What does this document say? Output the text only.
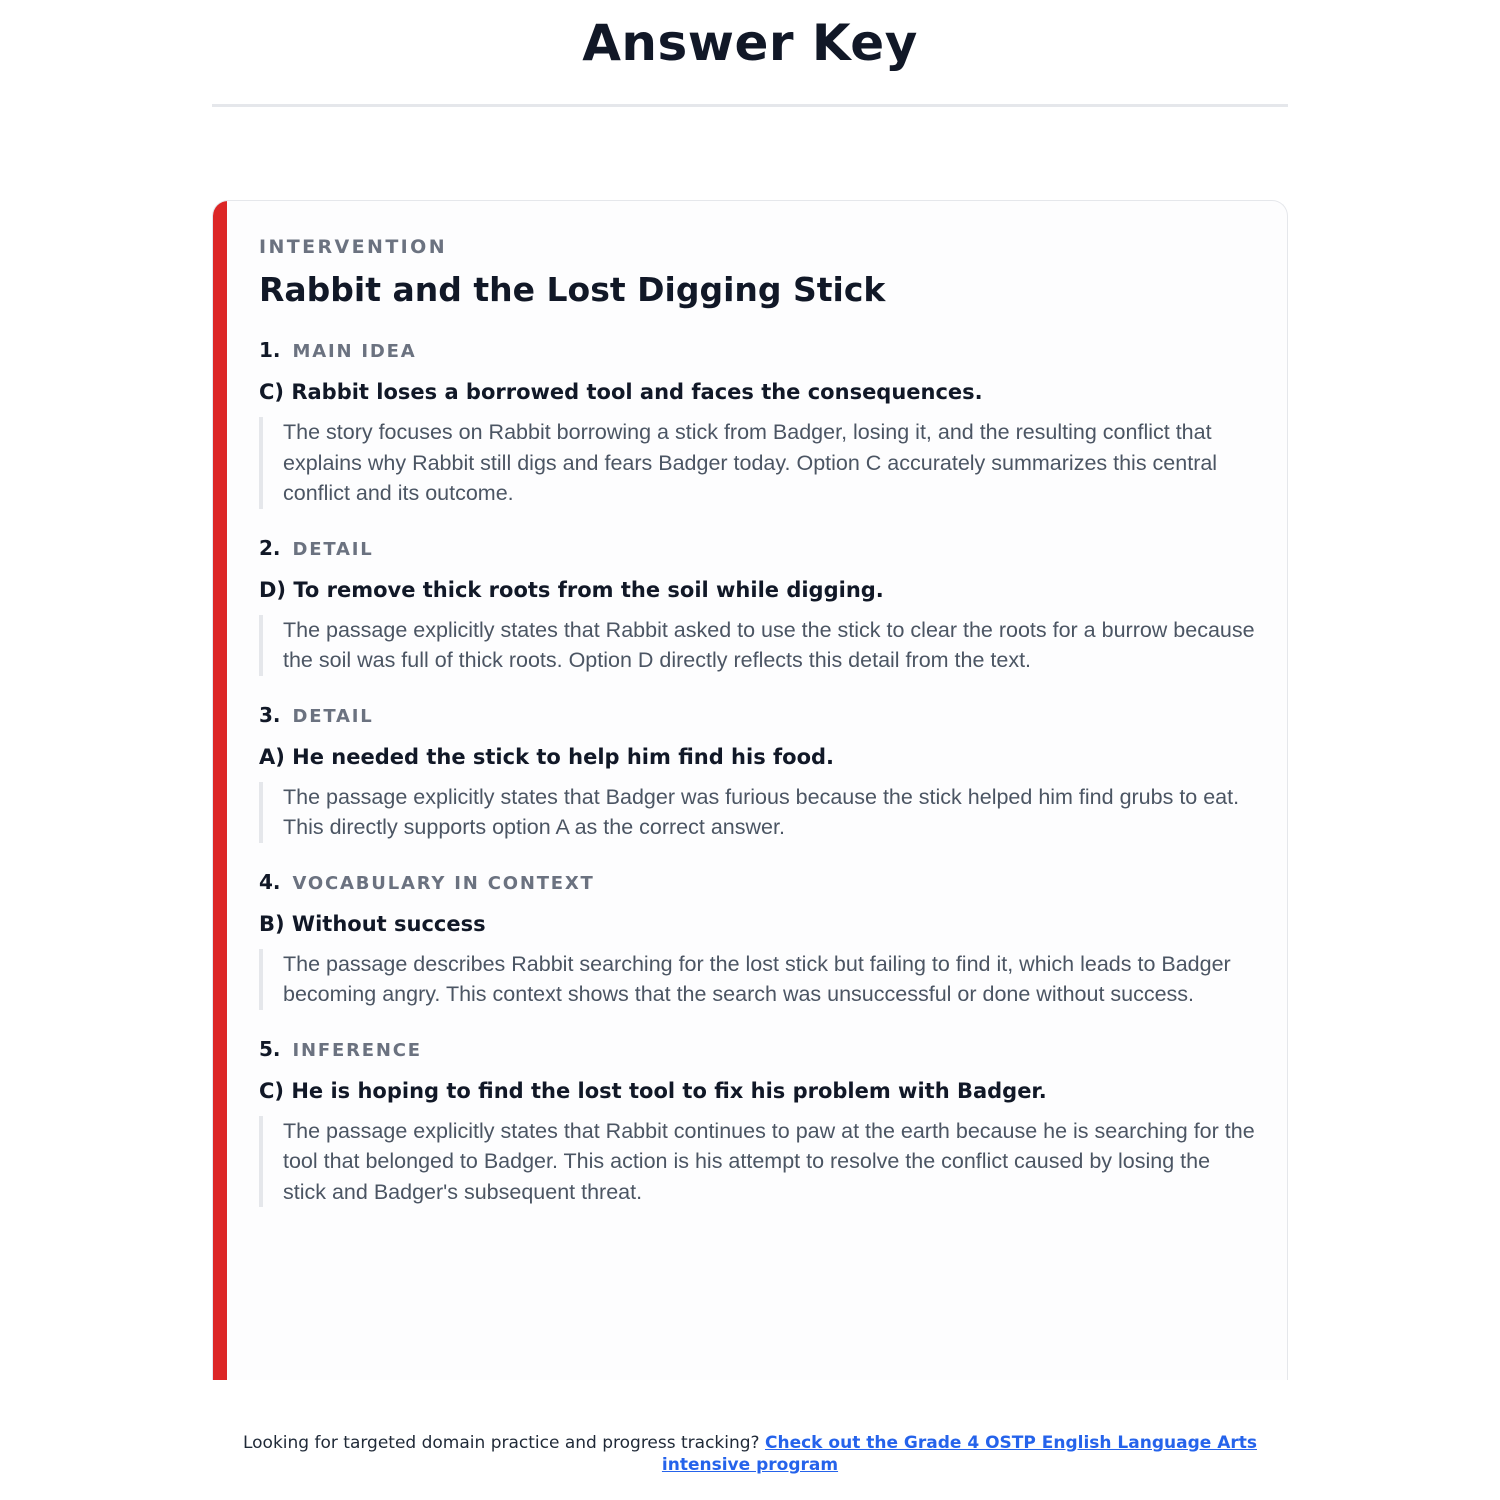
Answer Key
INTERVENTION
Rabbit and the Lost Digging Stick
1. MAIN IDEA
C) Rabbit loses a borrowed tool and faces the consequences.
The story focuses on Rabbit borrowing a stick from Badger, losing it, and the resulting conflict that explains why Rabbit still digs and fears Badger today. Option C accurately summarizes this central conflict and its outcome.
2. DETAIL
D) To remove thick roots from the soil while digging.
The passage explicitly states that Rabbit asked to use the stick to clear the roots for a burrow because the soil was full of thick roots. Option D directly reflects this detail from the text.
3. DETAIL
A) He needed the stick to help him find his food.
The passage explicitly states that Badger was furious because the stick helped him find grubs to eat. This directly supports option A as the correct answer.
4. VOCABULARY IN CONTEXT
B) Without success
The passage describes Rabbit searching for the lost stick but failing to find it, which leads to Badger becoming angry. This context shows that the search was unsuccessful or done without success.
5. INFERENCE
C) He is hoping to find the lost tool to fix his problem with Badger.
The passage explicitly states that Rabbit continues to paw at the earth because he is searching for the tool that belonged to Badger. This action is his attempt to resolve the conflict caused by losing the stick and Badger's subsequent threat.
Looking for targeted domain practice and progress tracking? Check out the Grade 4 OSTP English Language Arts intensive program
